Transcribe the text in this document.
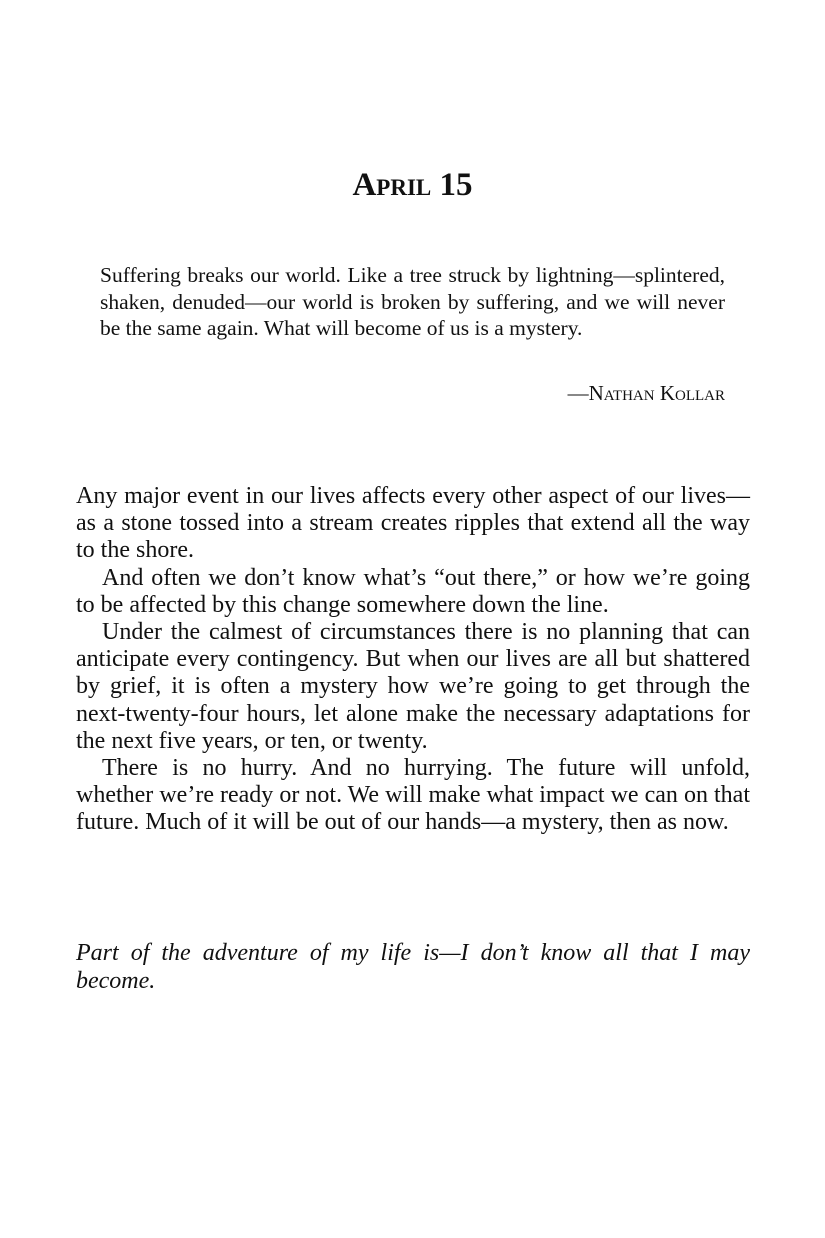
April 15

Suffering breaks our world. Like a tree struck by lightning—splintered, shaken, denuded—our world is broken by suffering, and we will never be the same again. What will become of us is a mystery.

—Nathan Kollar

Any major event in our lives affects every other aspect of our lives—as a stone tossed into a stream creates ripples that extend all the way to the shore.

And often we don’t know what’s “out there,” or how we’re going to be affected by this change somewhere down the line.

Under the calmest of circumstances there is no planning that can anticipate every contingency. But when our lives are all but shattered by grief, it is often a mystery how we’re going to get through the next-twenty-four hours, let alone make the necessary adaptations for the next five years, or ten, or twenty.

There is no hurry. And no hurrying. The future will unfold, whether we’re ready or not. We will make what impact we can on that future. Much of it will be out of our hands—a mystery, then as now.

Part of the adventure of my life is—I don’t know all that I may become.
